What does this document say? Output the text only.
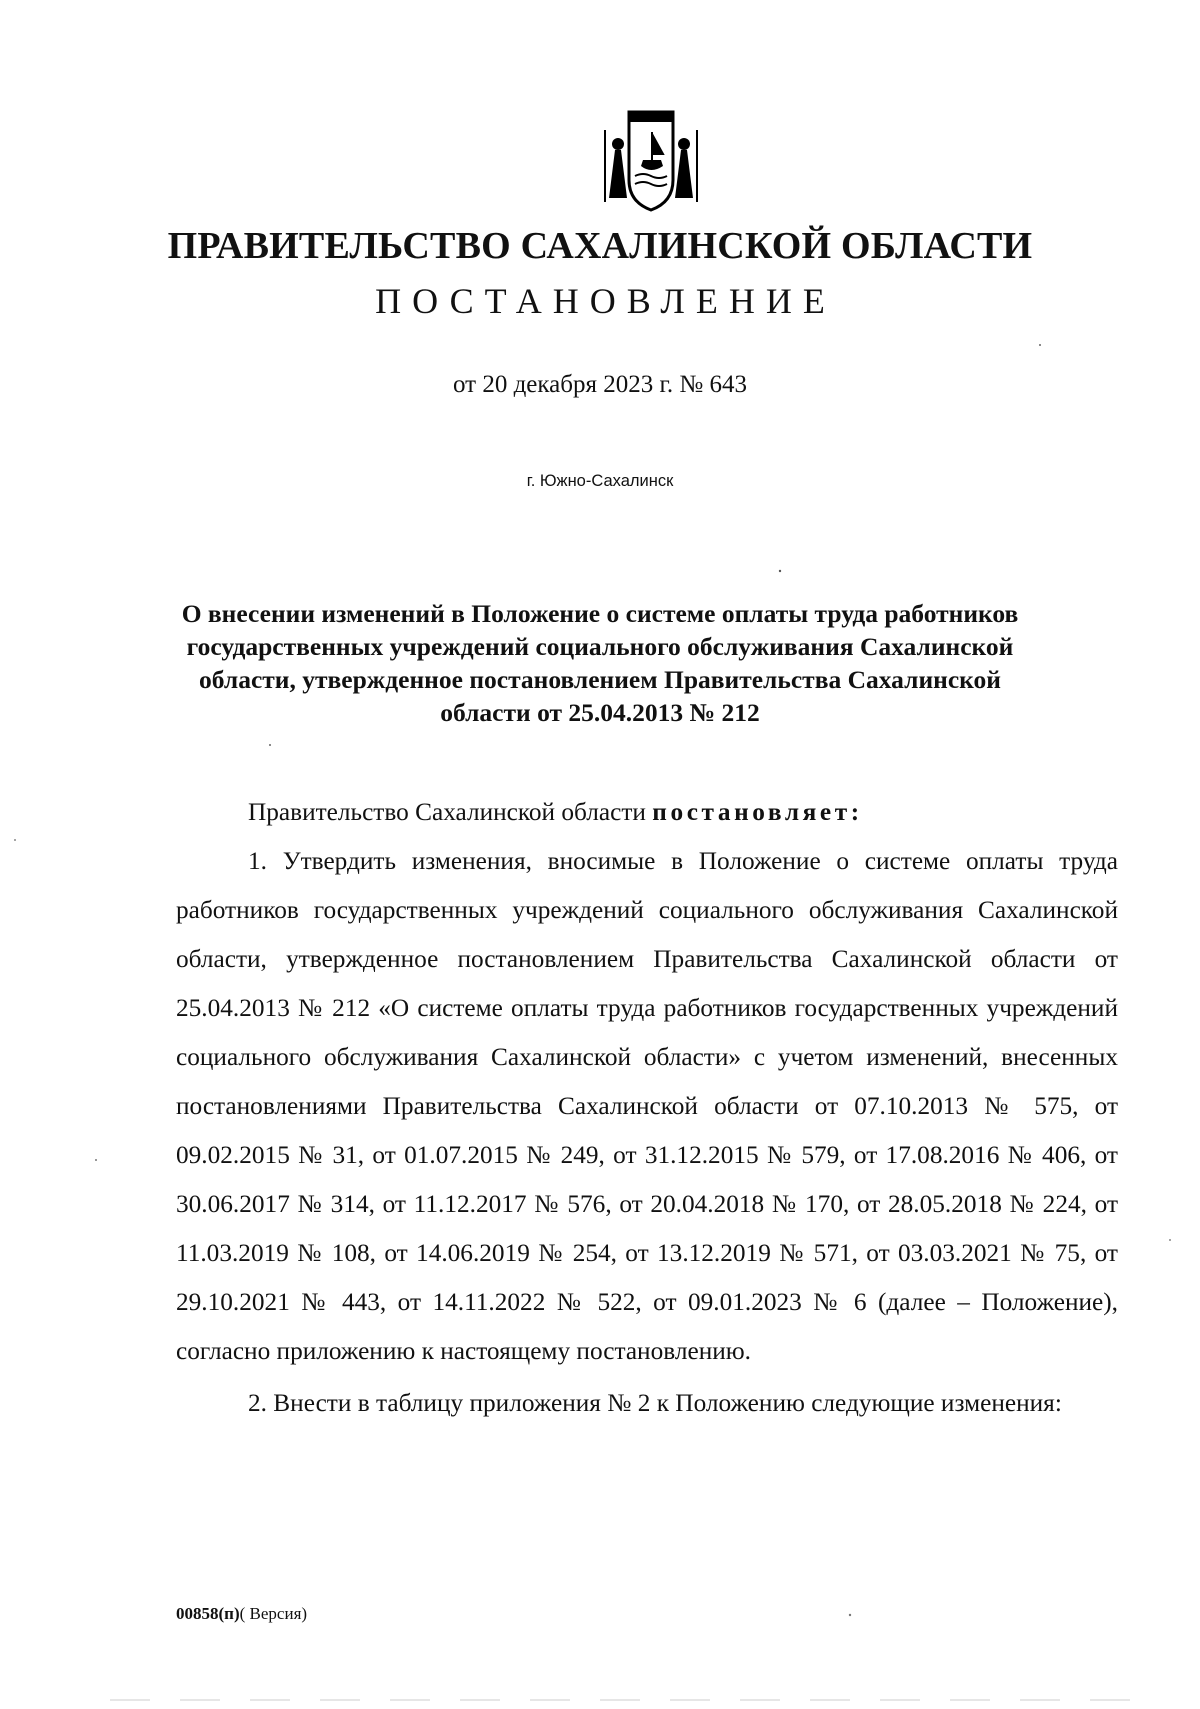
ПРАВИТЕЛЬСТВО САХАЛИНСКОЙ ОБЛАСТИ
ПОСТАНОВЛЕНИЕ
от 20 декабря 2023 г. № 643
г. Южно-Сахалинск
О внесении изменений в Положение о системе оплаты труда работников
государственных учреждений социального обслуживания Сахалинской
области, утвержденное постановлением Правительства Сахалинской
области от 25.04.2013 № 212

Правительство Сахалинской области постановляет:

1. Утвердить изменения, вносимые в Положение о системе оплаты труда работников государственных учреждений социального обслуживания Сахалинской области, утвержденное постановлением Правительства Сахалинской области от 25.04.2013 № 212 «О системе оплаты труда работников государственных учреждений социального обслуживания Сахалинской области» с учетом изменений, внесенных постановлениями Правительства Сахалинской области от 07.10.2013 № 575, от 09.02.2015 № 31, от 01.07.2015 № 249, от 31.12.2015 № 579, от 17.08.2016 № 406, от 30.06.2017 № 314, от 11.12.2017 № 576, от 20.04.2018 № 170, от 28.05.2018 № 224, от 11.03.2019 № 108, от 14.06.2019 № 254, от 13.12.2019 № 571, от 03.03.2021 № 75, от 29.10.2021 № 443, от 14.11.2022 № 522, от 09.01.2023 № 6 (далее – Положение), согласно приложению к настоящему постановлению.

2. Внести в таблицу приложения № 2 к Положению следующие изменения:

00858(п)( Версия)
